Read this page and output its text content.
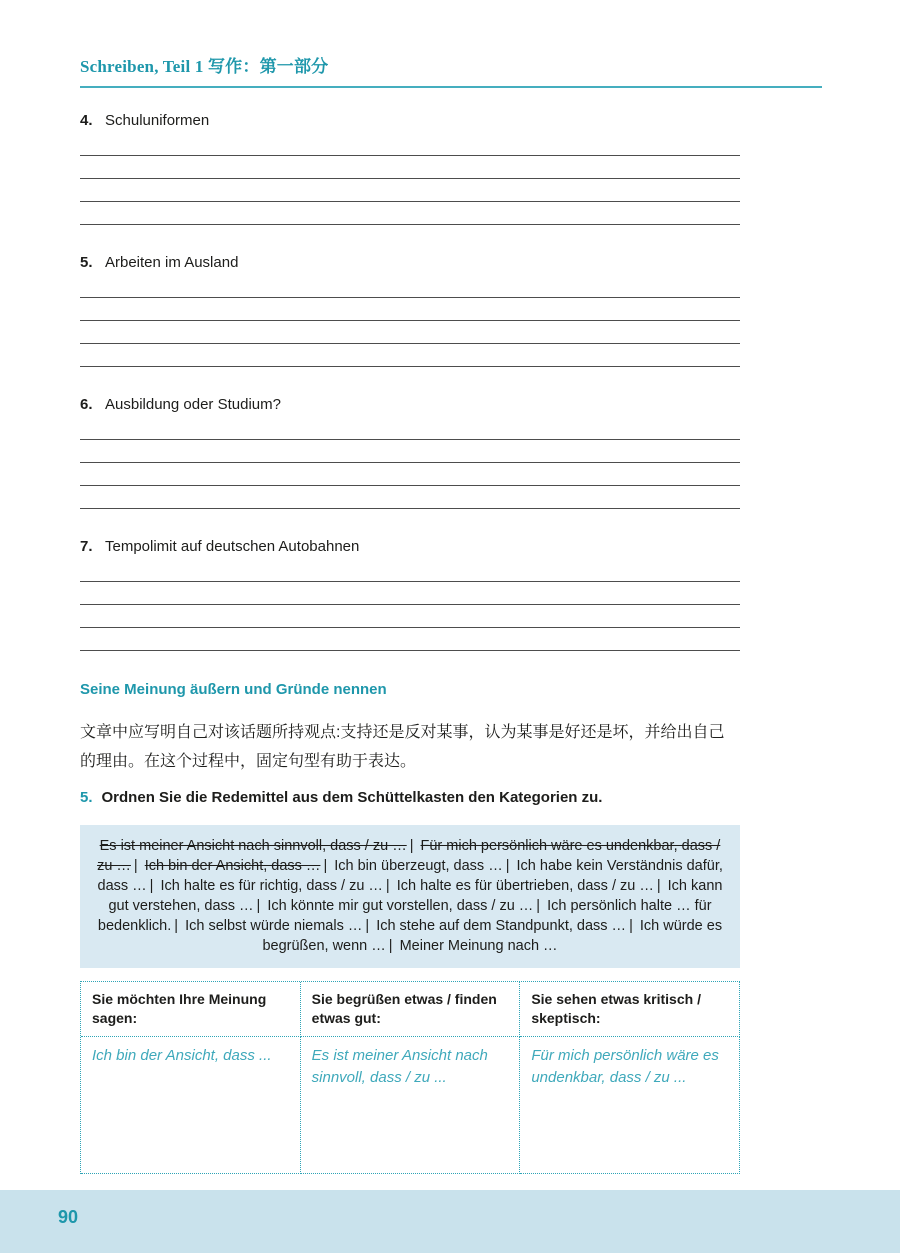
Schreiben, Teil 1 写作：第一部分
4. Schuluniformen
5. Arbeiten im Ausland
6. Ausbildung oder Studium?
7. Tempolimit auf deutschen Autobahnen
Seine Meinung äußern und Gründe nennen

文章中应写明自己对该话题所持观点:支持还是反对某事，认为某事是好还是坏，并给出自己的理由。在这个过程中，固定句型有助于表达。

5. Ordnen Sie die Redemittel aus dem Schüttelkasten den Kategorien zu.
Es ist meiner Ansicht nach sinnvoll, dass / zu … | Für mich persönlich wäre es undenkbar, dass / zu … | Ich bin der Ansicht, dass … | Ich bin überzeugt, dass … | Ich habe kein Verständnis dafür, dass … | Ich halte es für richtig, dass / zu … | Ich halte es für übertrieben, dass / zu … | Ich kann gut verstehen, dass … | Ich könnte mir gut vorstellen, dass / zu … | Ich persönlich halte … für bedenklich. | Ich selbst würde niemals … | Ich stehe auf dem Standpunkt, dass … | Ich würde es begrüßen, wenn … | Meiner Meinung nach …
Sie möchten Ihre Meinung sagen:
Sie begrüßen etwas / finden etwas gut:
Sie sehen etwas kritisch / skeptisch:
Ich bin der Ansicht, dass ...	Es ist meiner Ansicht nach sinnvoll, dass / zu ...
Für mich persönlich wäre es undenkbar, dass / zu ...
90
